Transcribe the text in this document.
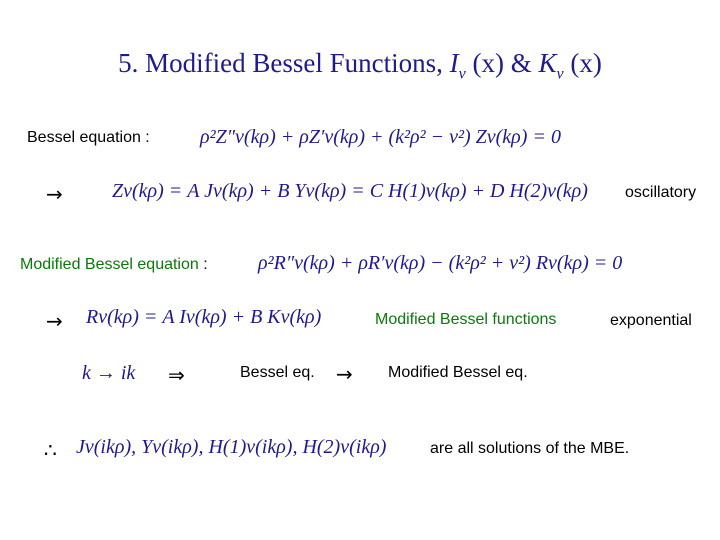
5. Modified Bessel Functions, $I_\nu$ (x) & $K_\nu$ (x)
Bessel equation :	ρ²Z″ν(kρ) + ρZ′ν(kρ) + (k²ρ² − ν²) Zν(kρ) = 0
→ Zν(kρ) = A Jν(kρ) + B Yν(kρ) = C H(1)ν(kρ) + D H(2)ν(kρ) oscillatory
Modified Bessel equation :	ρ²R″ν(kρ) + ρR′ν(kρ) − (k²ρ² + ν²) Rν(kρ) = 0
→ Rν(kρ) = A Iν(kρ) + B Kν(kρ)	Modified Bessel functions	exponential
k → ik ⇒	Bessel eq. → Modified Bessel eq.
∴ Jν(ikρ), Yν(ikρ), H(1)ν(ikρ), H(2)ν(ikρ)	are all solutions of the MBE.
